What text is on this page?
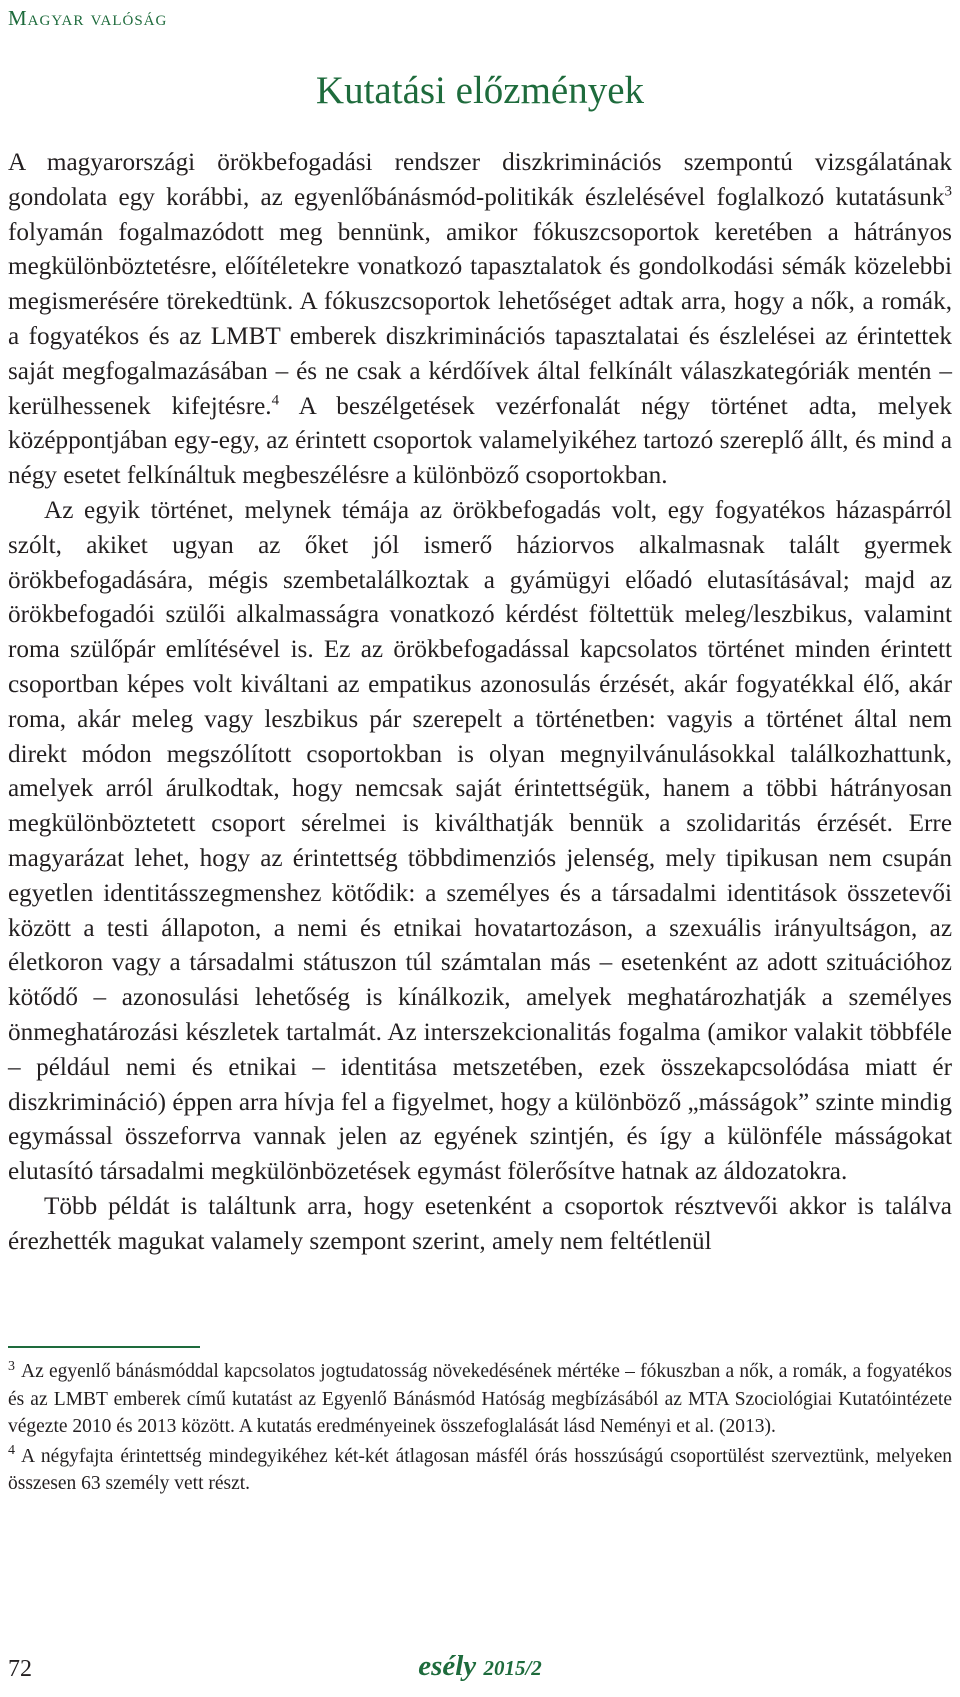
Magyar valóság
Kutatási előzmények

A magyarországi örökbefogadási rendszer diszkriminációs szempontú vizsgálatának gondolata egy korábbi, az egyenlőbánásmód-politikák észlelésével foglalkozó kutatásunk$^3$ folyamán fogalmazódott meg bennünk, amikor fókuszcsoportok keretében a hátrányos megkülönböztetésre, előítéletekre vonatkozó tapasztalatok és gondolkodási sémák közelebbi megismerésére törekedtünk. A fókuszcsoportok lehetőséget adtak arra, hogy a nők, a romák, a fogyatékos és az LMBT emberek diszkriminációs tapasztalatai és észlelései az érintettek saját megfogalmazásában – és ne csak a kérdőívek által felkínált válaszkategóriák mentén – kerülhessenek kifejtésre.$^4$ A beszélgetések vezérfonalát négy történet adta, melyek középpontjában egy-egy, az érintett csoportok valamelyikéhez tartozó szereplő állt, és mind a négy esetet felkínáltuk megbeszélésre a különböző csoportokban.

Az egyik történet, melynek témája az örökbefogadás volt, egy fogyatékos házaspárról szólt, akiket ugyan az őket jól ismerő háziorvos alkalmasnak talált gyermek örökbefogadására, mégis szembetalálkoztak a gyámügyi előadó elutasításával; majd az örökbefogadói szülői alkalmasságra vonatkozó kérdést föltettük meleg/leszbikus, valamint roma szülőpár említésével is. Ez az örökbefogadással kapcsolatos történet minden érintett csoportban képes volt kiváltani az empatikus azonosulás érzését, akár fogyatékkal élő, akár roma, akár meleg vagy leszbikus pár szerepelt a történetben: vagyis a történet által nem direkt módon megszólított csoportokban is olyan megnyilvánulásokkal találkozhattunk, amelyek arról árulkodtak, hogy nemcsak saját érintettségük, hanem a többi hátrányosan megkülönböztetett csoport sérelmei is kiválthatják bennük a szolidaritás érzését. Erre magyarázat lehet, hogy az érintettség többdimenziós jelenség, mely tipikusan nem csupán egyetlen identitásszegmenshez kötődik: a személyes és a társadalmi identitások összetevői között a testi állapoton, a nemi és etnikai hovatartozáson, a szexuális irányultságon, az életkoron vagy a társadalmi státuszon túl számtalan más – esetenként az adott szituációhoz kötődő – azonosulási lehetőség is kínálkozik, amelyek meghatározhatják a személyes önmeghatározási készletek tartalmát. Az interszekcionalitás fogalma (amikor valakit többféle – például nemi és etnikai – identitása metszetében, ezek összekapcsolódása miatt ér diszkrimináció) éppen arra hívja fel a figyelmet, hogy a különböző „másságok” szinte mindig egymással összeforrva vannak jelen az egyének szintjén, és így a különféle másságokat elutasító társadalmi megkülönbözetések egymást fölerősítve hatnak az áldozatokra.

Több példát is találtunk arra, hogy esetenként a csoportok résztvevői akkor is találva érezhették magukat valamely szempont szerint, amely nem feltétlenül

$^3$ Az egyenlő bánásmóddal kapcsolatos jogtudatosság növekedésének mértéke – fókuszban a nők, a romák, a fogyatékos és az LMBT emberek című kutatást az Egyenlő Bánásmód Hatóság megbízásából az MTA Szociológiai Kutatóintézete végezte 2010 és 2013 között. A kutatás eredményeinek összefoglalását lásd Neményi et al. (2013).

$^4$ A négyfajta érintettség mindegyikéhez két-két átlagosan másfél órás hosszúságú csoportülést szerveztünk, melyeken összesen 63 személy vett részt.

72	esély 2015/2
